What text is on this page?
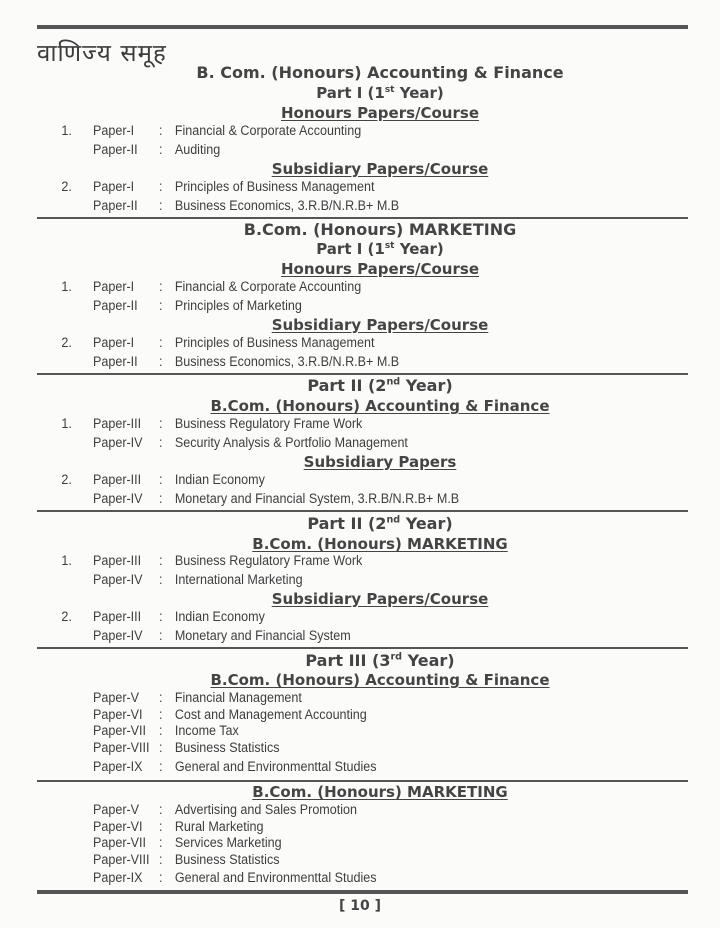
वाणिज्य समूह
B. Com. (Honours) Accounting & Finance
Part I (1st Year)
Honours Papers/Course
1. Paper-I : Financial & Corporate Accounting
Paper-II : Auditing
Subsidiary Papers/Course
2. Paper-I : Principles of Business Management
Paper-II : Business Economics, 3.R.B/N.R.B+ M.B
B.Com. (Honours) MARKETING
Part I (1st Year)
Honours Papers/Course
1. Paper-I : Financial & Corporate Accounting
Paper-II : Principles of Marketing
Subsidiary Papers/Course
2. Paper-I : Principles of Business Management
Paper-II : Business Economics, 3.R.B/N.R.B+ M.B
Part II (2nd Year)
B.Com. (Honours) Accounting & Finance
1. Paper-III : Business Regulatory Frame Work
Paper-IV : Security Analysis & Portfolio Management
Subsidiary Papers
2. Paper-III : Indian Economy
Paper-IV : Monetary and Financial System, 3.R.B/N.R.B+ M.B
Part II (2nd Year)
B.Com. (Honours) MARKETING
1. Paper-III : Business Regulatory Frame Work
Paper-IV : International Marketing
Subsidiary Papers/Course
2. Paper-III : Indian Economy
Paper-IV : Monetary and Financial System
Part III (3rd Year)
B.Com. (Honours) Accounting & Finance
Paper-V : Financial Management
Paper-VI : Cost and Management Accounting
Paper-VII : Income Tax
Paper-VIII : Business Statistics
Paper-IX : General and Environmenttal Studies
B.Com. (Honours) MARKETING
Paper-V : Advertising and Sales Promotion
Paper-VI : Rural Marketing
Paper-VII : Services Marketing
Paper-VIII : Business Statistics
Paper-IX : General and Environmenttal Studies
[ 10 ]
